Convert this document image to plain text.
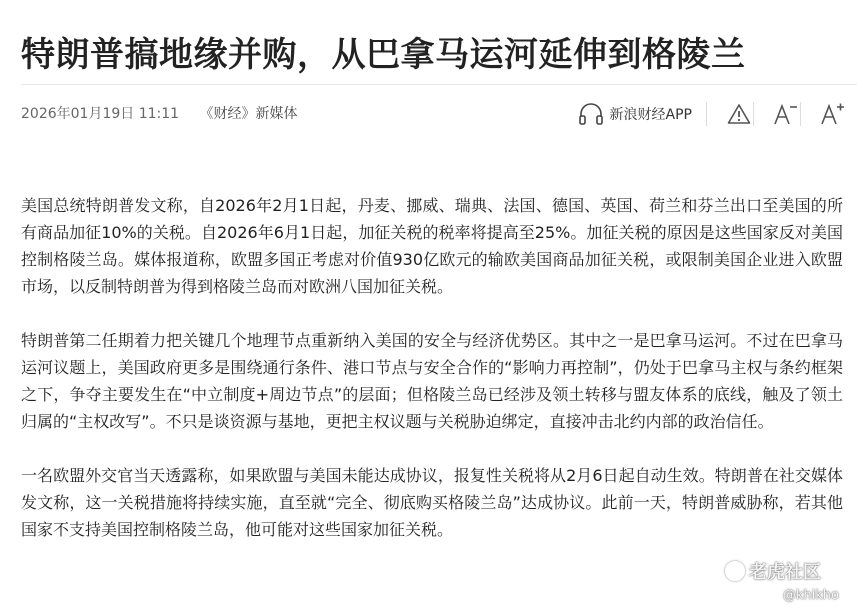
特朗普搞地缘并购，从巴拿马运河延伸到格陵兰
2026年01月19日 11:11 《财经》新媒体	新浪财经APP

美国总统特朗普发文称，自2026年2月1日起，丹麦、挪威、瑞典、法国、德国、英国、荷兰和芬兰出口至美国的所有商品加征10%的关税。自2026年6月1日起，加征关税的税率将提高至25%。加征关税的原因是这些国家反对美国控制格陵兰岛。媒体报道称，欧盟多国正考虑对价值930亿欧元的输欧美国商品加征关税，或限制美国企业进入欧盟市场，以反制特朗普为得到格陵兰岛而对欧洲八国加征关税。

特朗普第二任期着力把关键几个地理节点重新纳入美国的安全与经济优势区。其中之一是巴拿马运河。不过在巴拿马运河议题上，美国政府更多是围绕通行条件、港口节点与安全合作的“影响力再控制”，仍处于巴拿马主权与条约框架之下，争夺主要发生在“中立制度+周边节点”的层面；但格陵兰岛已经涉及领土转移与盟友体系的底线，触及了领土归属的“主权改写”。不只是谈资源与基地，更把主权议题与关税胁迫绑定，直接冲击北约内部的政治信任。

一名欧盟外交官当天透露称，如果欧盟与美国未能达成协议，报复性关税将从2月6日起自动生效。特朗普在社交媒体发文称，这一关税措施将持续实施，直至就“完全、彻底购买格陵兰岛”达成协议。此前一天，特朗普威胁称，若其他国家不支持美国控制格陵兰岛，他可能对这些国家加征关税。

老虎社区
@khikho
